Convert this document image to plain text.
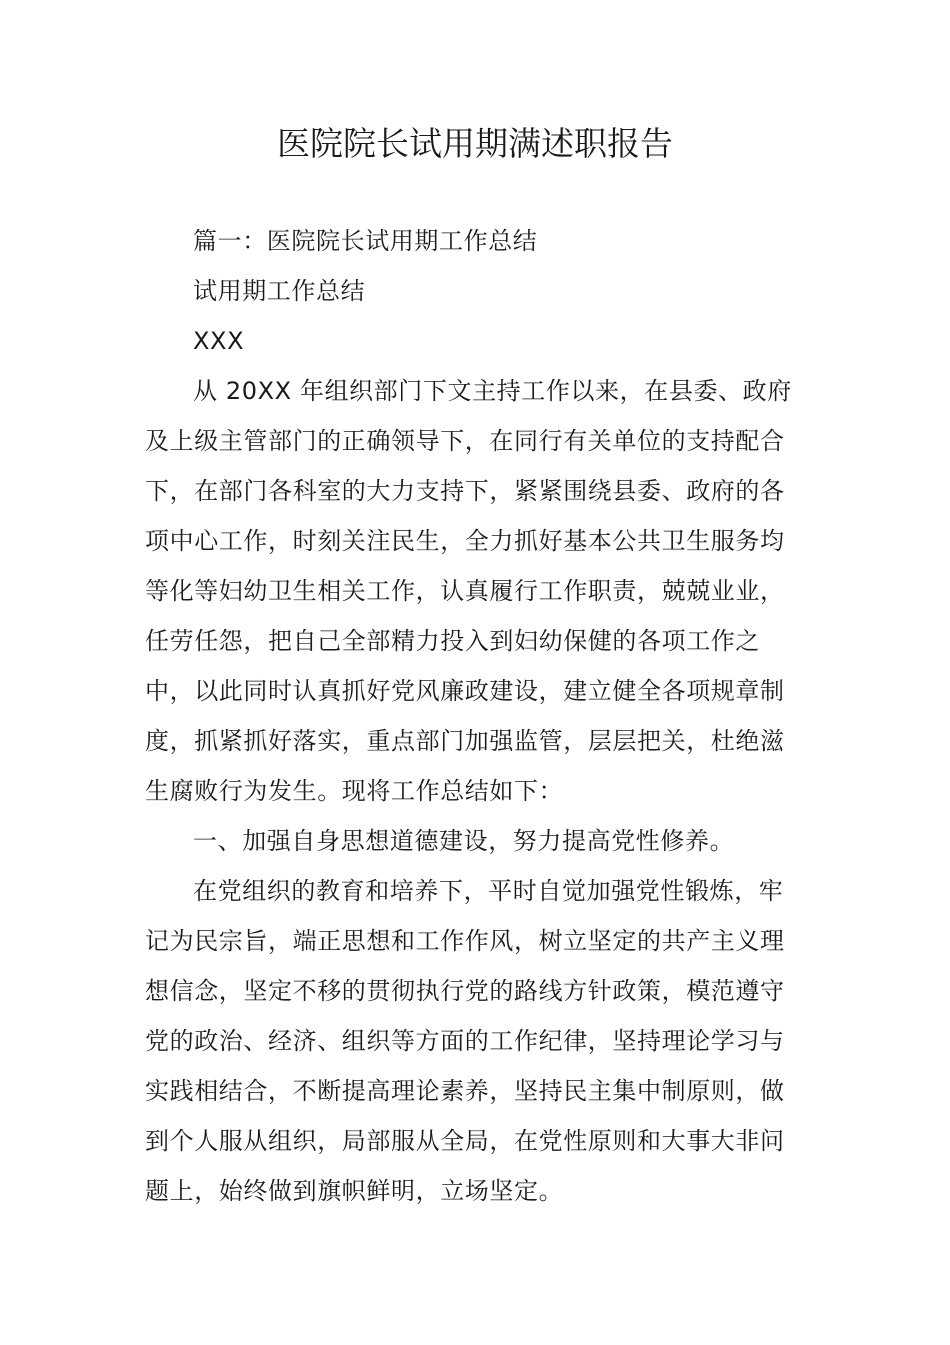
医院院长试用期满述职报告
篇一：医院院长试用期工作总结
试用期工作总结
XXX
从 20XX 年组织部门下文主持工作以来，在县委、政府
及上级主管部门的正确领导下，在同行有关单位的支持配合
下，在部门各科室的大力支持下，紧紧围绕县委、政府的各
项中心工作，时刻关注民生，全力抓好基本公共卫生服务均
等化等妇幼卫生相关工作，认真履行工作职责，兢兢业业，
任劳任怨，把自己全部精力投入到妇幼保健的各项工作之
中，以此同时认真抓好党风廉政建设，建立健全各项规章制
度，抓紧抓好落实，重点部门加强监管，层层把关，杜绝滋
生腐败行为发生。现将工作总结如下：
一、加强自身思想道德建设，努力提高党性修养。
在党组织的教育和培养下，平时自觉加强党性锻炼，牢
记为民宗旨，端正思想和工作作风，树立坚定的共产主义理
想信念，坚定不移的贯彻执行党的路线方针政策，模范遵守
党的政治、经济、组织等方面的工作纪律，坚持理论学习与
实践相结合，不断提高理论素养，坚持民主集中制原则，做
到个人服从组织，局部服从全局，在党性原则和大事大非问
题上，始终做到旗帜鲜明，立场坚定。
